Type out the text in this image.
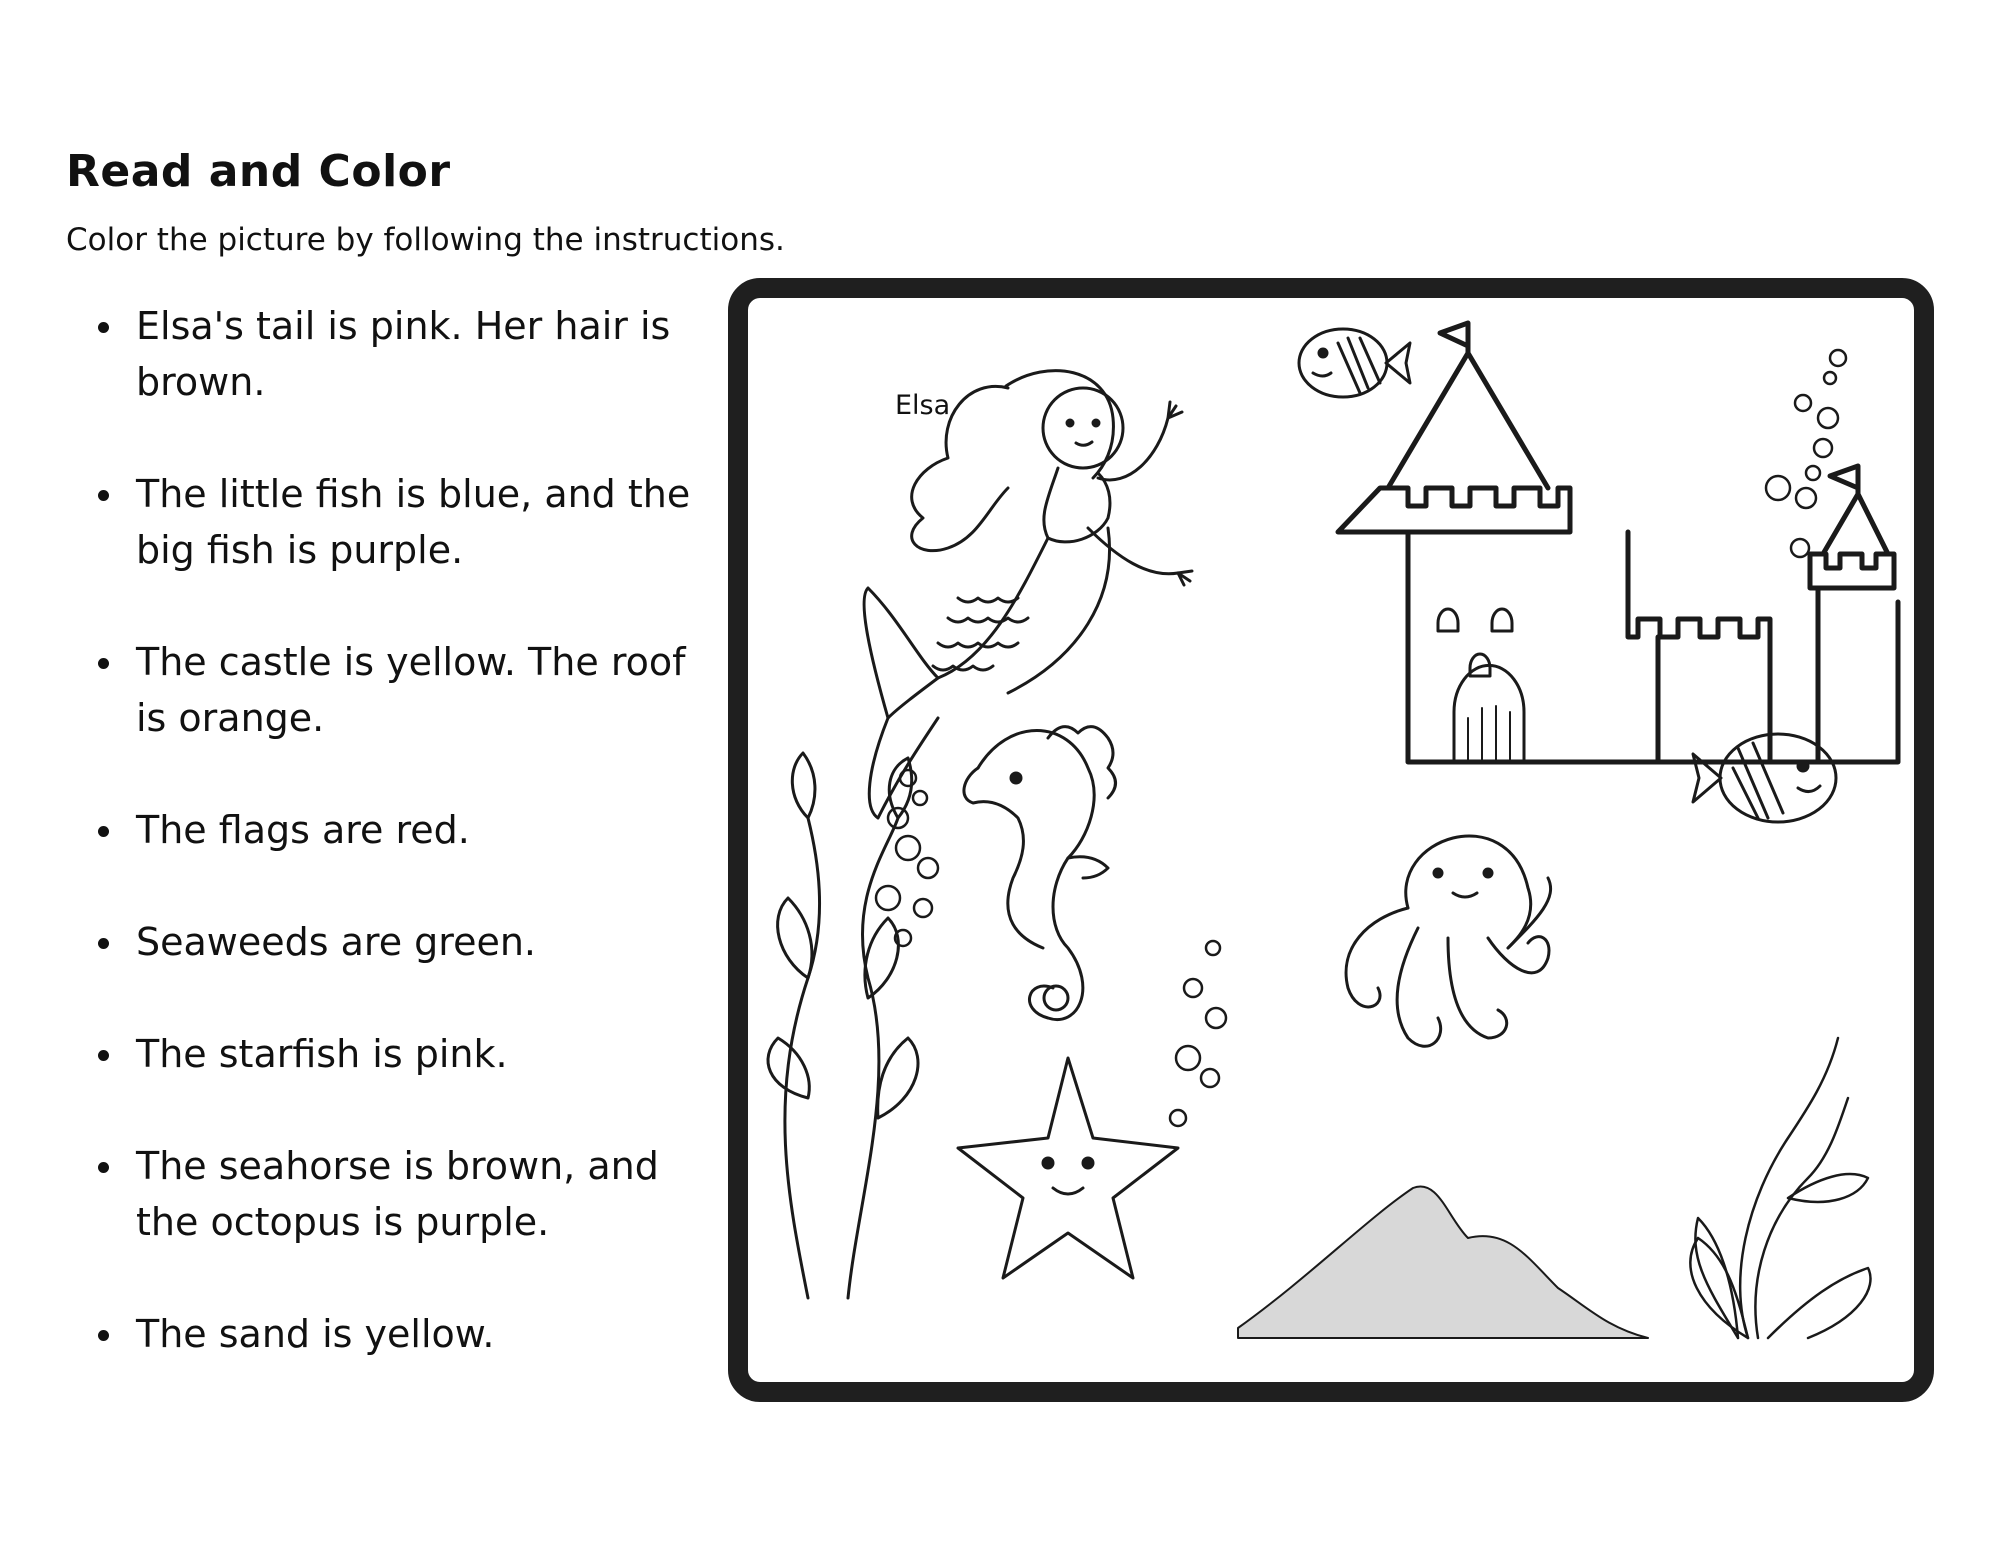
Read and Color

Color the picture by following the instructions.

Elsa's tail is pink. Her hair is brown.
The little fish is blue, and the big fish is purple.
The castle is yellow. The roof is orange.
The flags are red.
Seaweeds are green.
The starfish is pink.
The seahorse is brown, and the octopus is purple.
The sand is yellow.

Elsa
